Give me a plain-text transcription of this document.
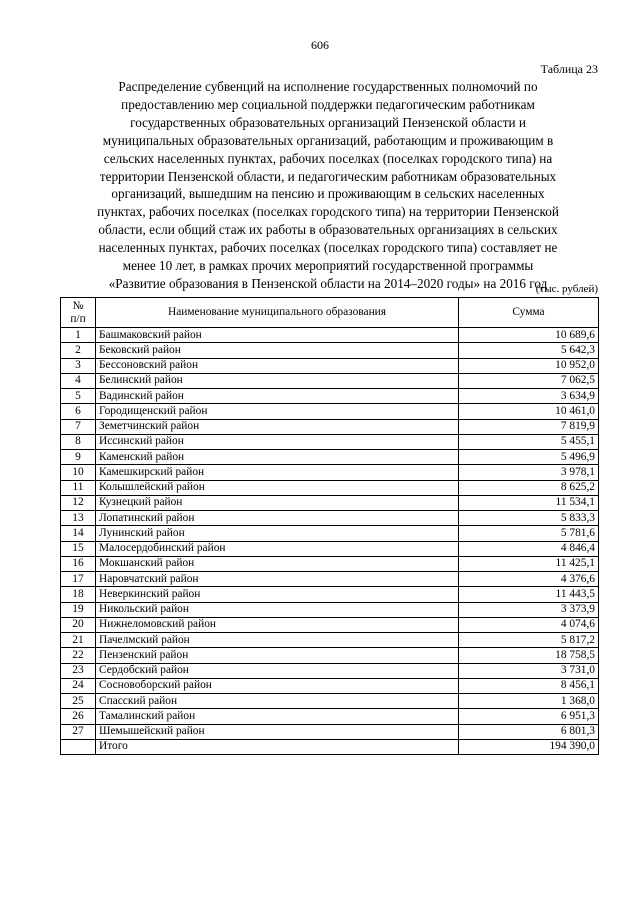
606
Таблица 23
Распределение субвенций на исполнение государственных полномочий по
предоставлению мер социальной поддержки педагогическим работникам
государственных образовательных организаций Пензенской области и
муниципальных образовательных организаций, работающим и проживающим в
сельских населенных пунктах, рабочих поселках (поселках городского типа) на
территории Пензенской области, и педагогическим работникам образовательных
организаций, вышедшим на пенсию и проживающим в сельских населенных
пунктах, рабочих поселках (поселках городского типа) на территории Пензенской
области, если общий стаж их работы в образовательных организациях в сельских
населенных пунктах, рабочих поселках (поселках городского типа) составляет не
менее 10 лет, в рамках прочих мероприятий государственной программы
«Развитие образования в Пензенской области на 2014–2020 годы» на 2016 год
(тыс. рублей)
№
п/п	Наименование муниципального образования	Сумма
1	Башмаковский район	10 689,6
2	Бековский район	5 642,3
3	Бессоновский район	10 952,0
4	Белинский район	7 062,5
5	Вадинский район	3 634,9
6	Городищенский район	10 461,0
7	Земетчинский район	7 819,9
8	Иссинский район	5 455,1
9	Каменский район	5 496,9
10	Камешкирский район	3 978,1
11	Колышлейский район	8 625,2
12	Кузнецкий район	11 534,1
13	Лопатинский район	5 833,3
14	Лунинский район	5 781,6
15	Малосердобинский район	4 846,4
16	Мокшанский район	11 425,1
17	Наровчатский район	4 376,6
18	Неверкинский район	11 443,5
19	Никольский район	3 373,9
20	Нижнеломовский район	4 074,6
21	Пачелмский район	5 817,2
22	Пензенский район	18 758,5
23	Сердобский район	3 731,0
24	Сосновоборский район	8 456,1
25	Спасский район	1 368,0
26	Тамалинский район	6 951,3
27	Шемышейский район	6 801,3
	Итого	194 390,0
